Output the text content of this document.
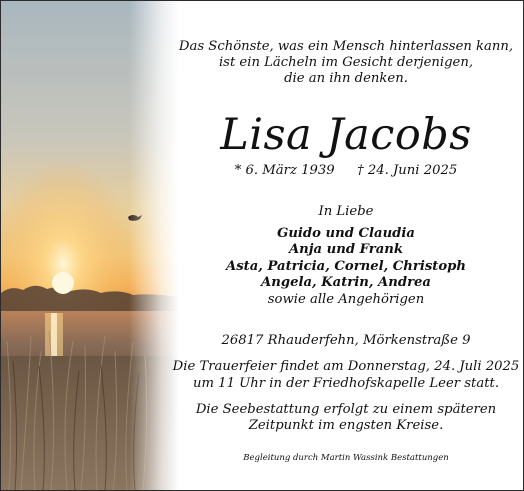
Das Schönste, was ein Mensch hinterlassen kann,
ist ein Lächeln im Gesicht derjenigen,
die an ihn denken.
Lisa Jacobs
* 6. März 1939 † 24. Juni 2025
In Liebe
Guido und Claudia
Anja und Frank
Asta, Patricia, Cornel, Christoph
Angela, Katrin, Andrea
sowie alle Angehörigen
26817 Rhauderfehn, Mörkenstraße 9
Die Trauerfeier findet am Donnerstag, 24. Juli 2025
um 11 Uhr in der Friedhofskapelle Leer statt.
Die Seebestattung erfolgt zu einem späteren
Zeitpunkt im engsten Kreise.
Begleitung durch Martin Wassink Bestattungen
